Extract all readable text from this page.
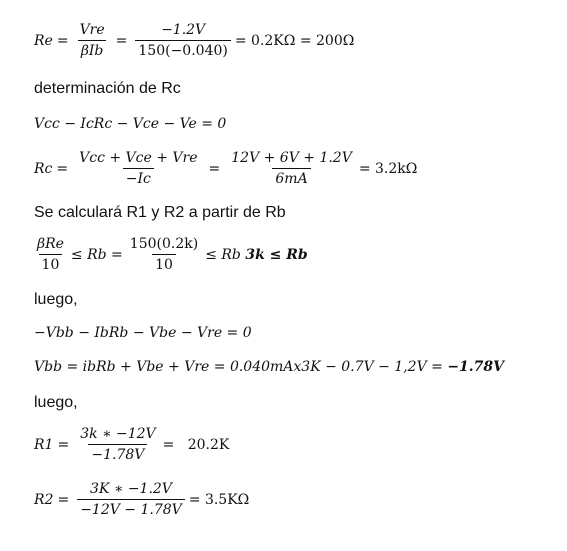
$Re = \frac{\text{Vre}}{\text{βIb}} = \frac{-1.2V}{150(-0.040)} = 0.2K\Omega = 200\Omega$
determinación de Rc
Vcc − IcRc − Vce − Ve = 0
$Rc = \frac{\text{Vcc + Vce + Vre}}{-Ic} = \frac{12V + 6V + 1.2V}{6mA} = 3.2k\Omega$
Se calculará R1 y R2 a partir de Rb
$\frac{\text{βRe}}{10} \le Rb = \frac{150(0.2k)}{10} \le Rb$ 3k ≤ Rb
luego,
−Vbb − IbRb − Vbe − Vre = 0
Vbb = ibRb + Vbe + Vre = 0.040mAx3K − 0.7V − 1,2V = −1.78V
luego,
$R1 = \frac{3k ∗ -12V}{-1.78V} = 20.2K$
$R2 = \frac{3K ∗ -1.2V}{-12V - 1.78V} = 3.5K\Omega$
